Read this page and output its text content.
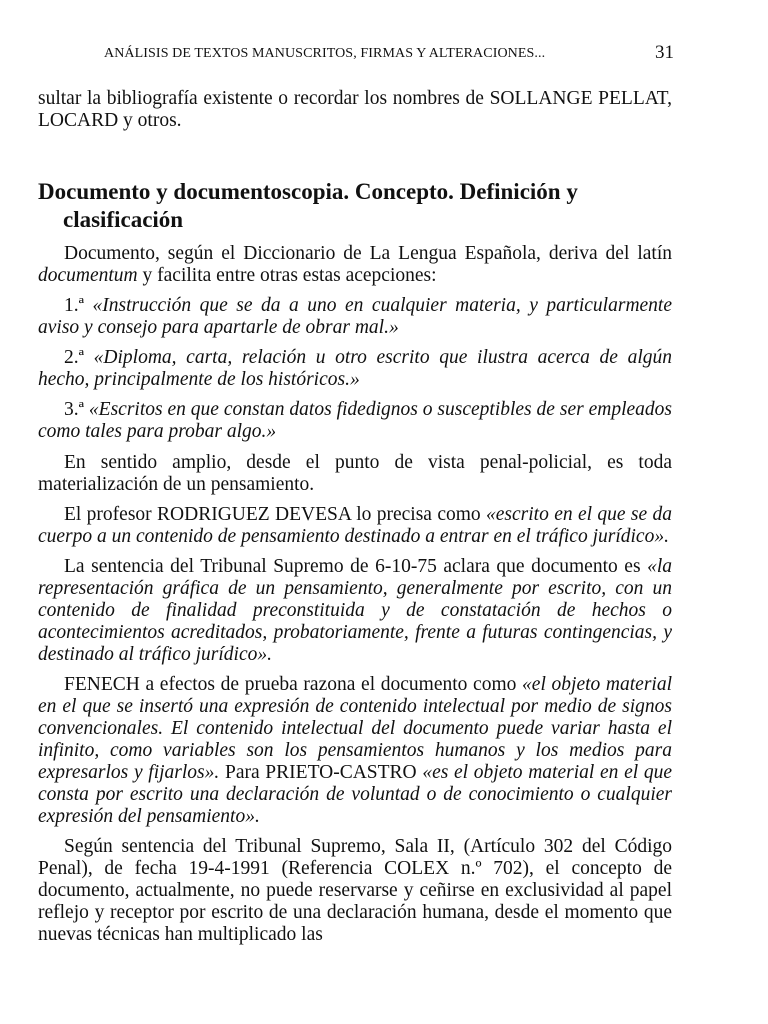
ANÁLISIS DE TEXTOS MANUSCRITOS, FIRMAS Y ALTERACIONES...	31

sultar la bibliografía existente o recordar los nombres de SOLLANGE PELLAT, LOCARD y otros.

Documento y documentoscopia. Concepto. Definición y clasificación

Documento, según el Diccionario de La Lengua Española, deriva del latín documentum y facilita entre otras estas acepciones:

1.ª «Instrucción que se da a uno en cualquier materia, y particularmente aviso y consejo para apartarle de obrar mal.»

2.ª «Diploma, carta, relación u otro escrito que ilustra acerca de algún hecho, principalmente de los históricos.»

3.ª «Escritos en que constan datos fidedignos o susceptibles de ser empleados como tales para probar algo.»

En sentido amplio, desde el punto de vista penal-policial, es toda materialización de un pensamiento.

El profesor RODRIGUEZ DEVESA lo precisa como «escrito en el que se da cuerpo a un contenido de pensamiento destinado a entrar en el tráfico jurídico».

La sentencia del Tribunal Supremo de 6-10-75 aclara que documento es «la representación gráfica de un pensamiento, generalmente por escrito, con un contenido de finalidad preconstituida y de constatación de hechos o acontecimientos acreditados, probatoriamente, frente a futuras contingencias, y destinado al tráfico jurídico».

FENECH a efectos de prueba razona el documento como «el objeto material en el que se insertó una expresión de contenido intelectual por medio de signos convencionales. El contenido intelectual del documento puede variar hasta el infinito, como variables son los pensamientos humanos y los medios para expresarlos y fijarlos». Para PRIETO-CASTRO «es el objeto material en el que consta por escrito una declaración de voluntad o de conocimiento o cualquier expresión del pensamiento».

Según sentencia del Tribunal Supremo, Sala II, (Artículo 302 del Código Penal), de fecha 19-4-1991 (Referencia COLEX n.º 702), el concepto de documento, actualmente, no puede reservarse y ceñirse en exclusividad al papel reflejo y receptor por escrito de una declaración humana, desde el momento que nuevas técnicas han multiplicado las
